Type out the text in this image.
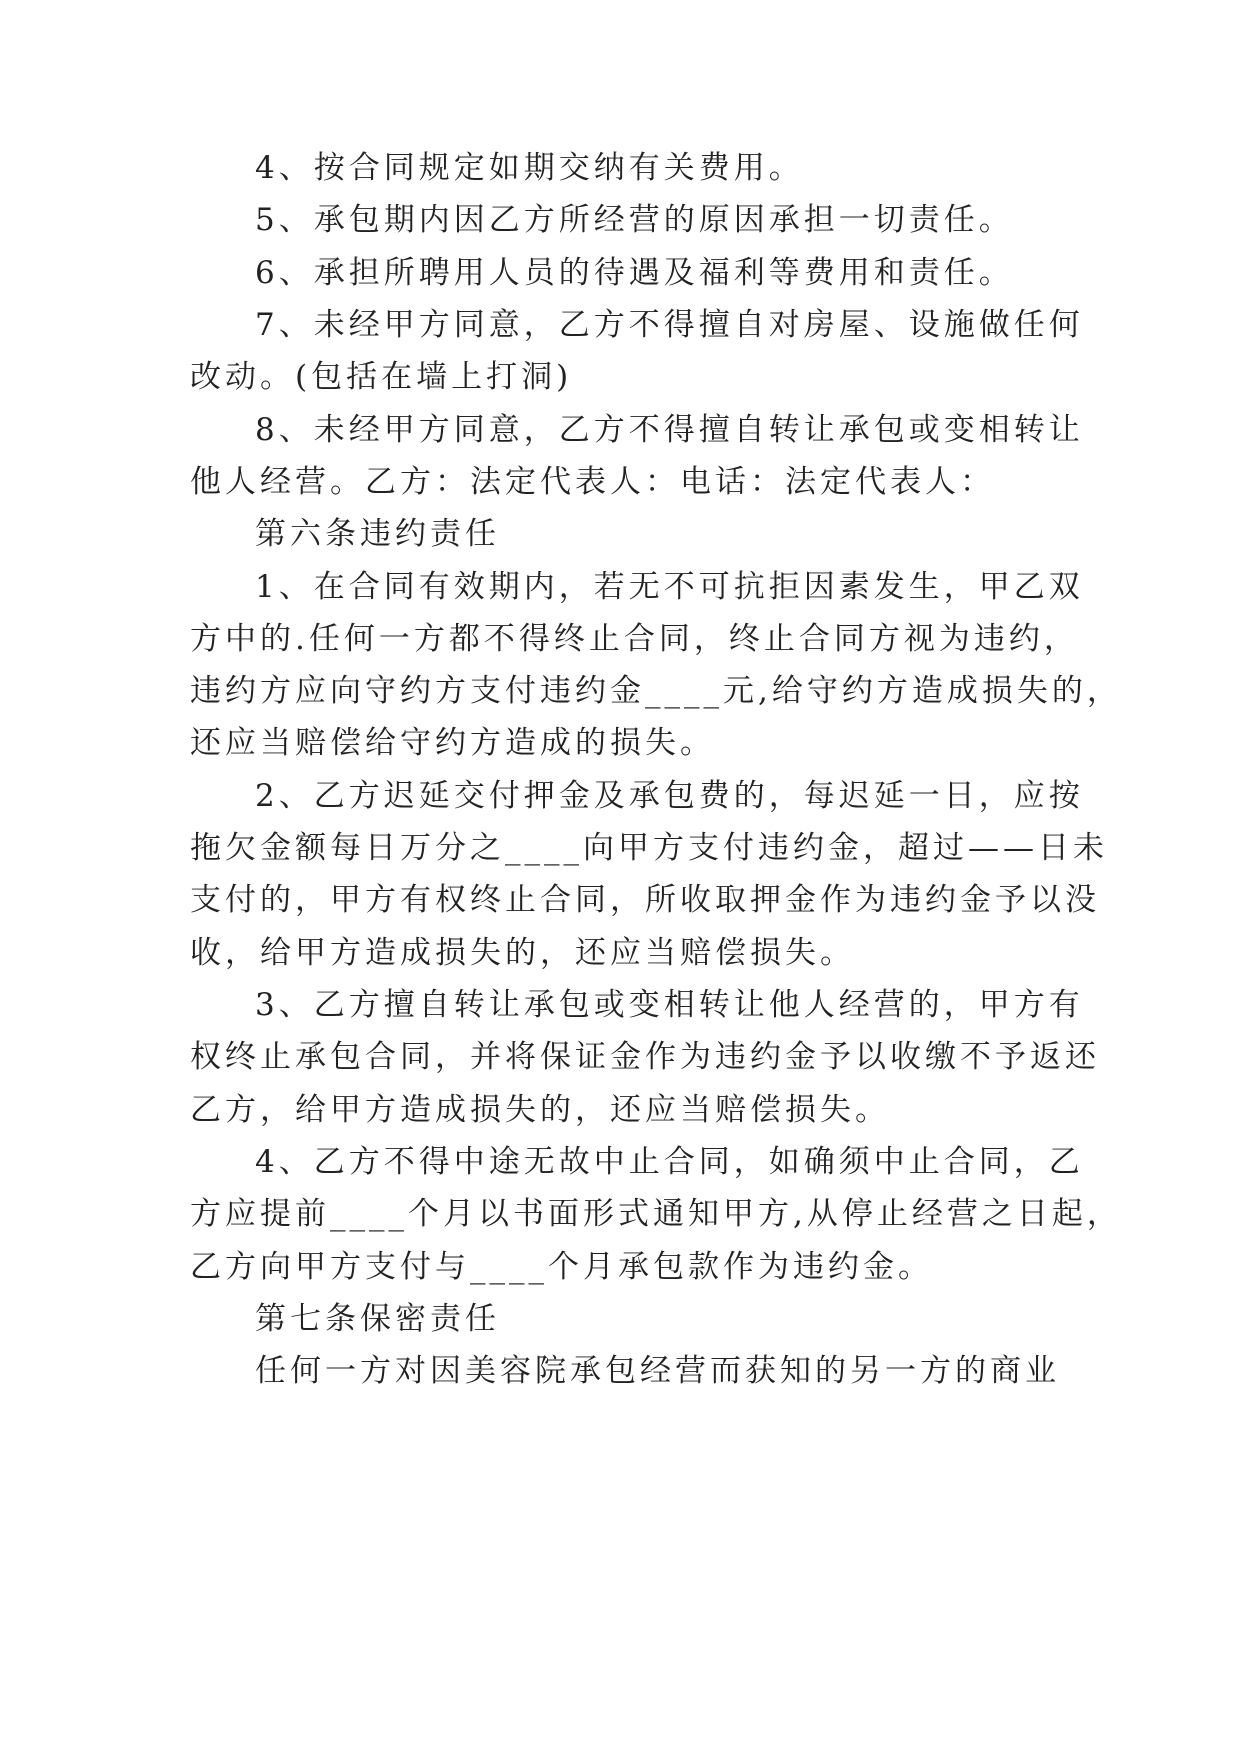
4、按合同规定如期交纳有关费用。
5、承包期内因乙方所经营的原因承担一切责任。
6、承担所聘用人员的待遇及福利等费用和责任。
7、未经甲方同意，乙方不得擅自对房屋、设施做任何
改动。(包括在墙上打洞)
8、未经甲方同意，乙方不得擅自转让承包或变相转让
他人经营。乙方：法定代表人：电话：法定代表人：
第六条违约责任
1、在合同有效期内，若无不可抗拒因素发生，甲乙双
方中的.任何一方都不得终止合同，终止合同方视为违约，
违约方应向守约方支付违约金____元,给守约方造成损失的，
还应当赔偿给守约方造成的损失。
2、乙方迟延交付押金及承包费的，每迟延一日，应按
拖欠金额每日万分之____向甲方支付违约金，超过——日未
支付的，甲方有权终止合同，所收取押金作为违约金予以没
收，给甲方造成损失的，还应当赔偿损失。
3、乙方擅自转让承包或变相转让他人经营的，甲方有
权终止承包合同，并将保证金作为违约金予以收缴不予返还
乙方，给甲方造成损失的，还应当赔偿损失。
4、乙方不得中途无故中止合同，如确须中止合同，乙
方应提前____个月以书面形式通知甲方,从停止经营之日起，
乙方向甲方支付与____个月承包款作为违约金。
第七条保密责任
任何一方对因美容院承包经营而获知的另一方的商业
